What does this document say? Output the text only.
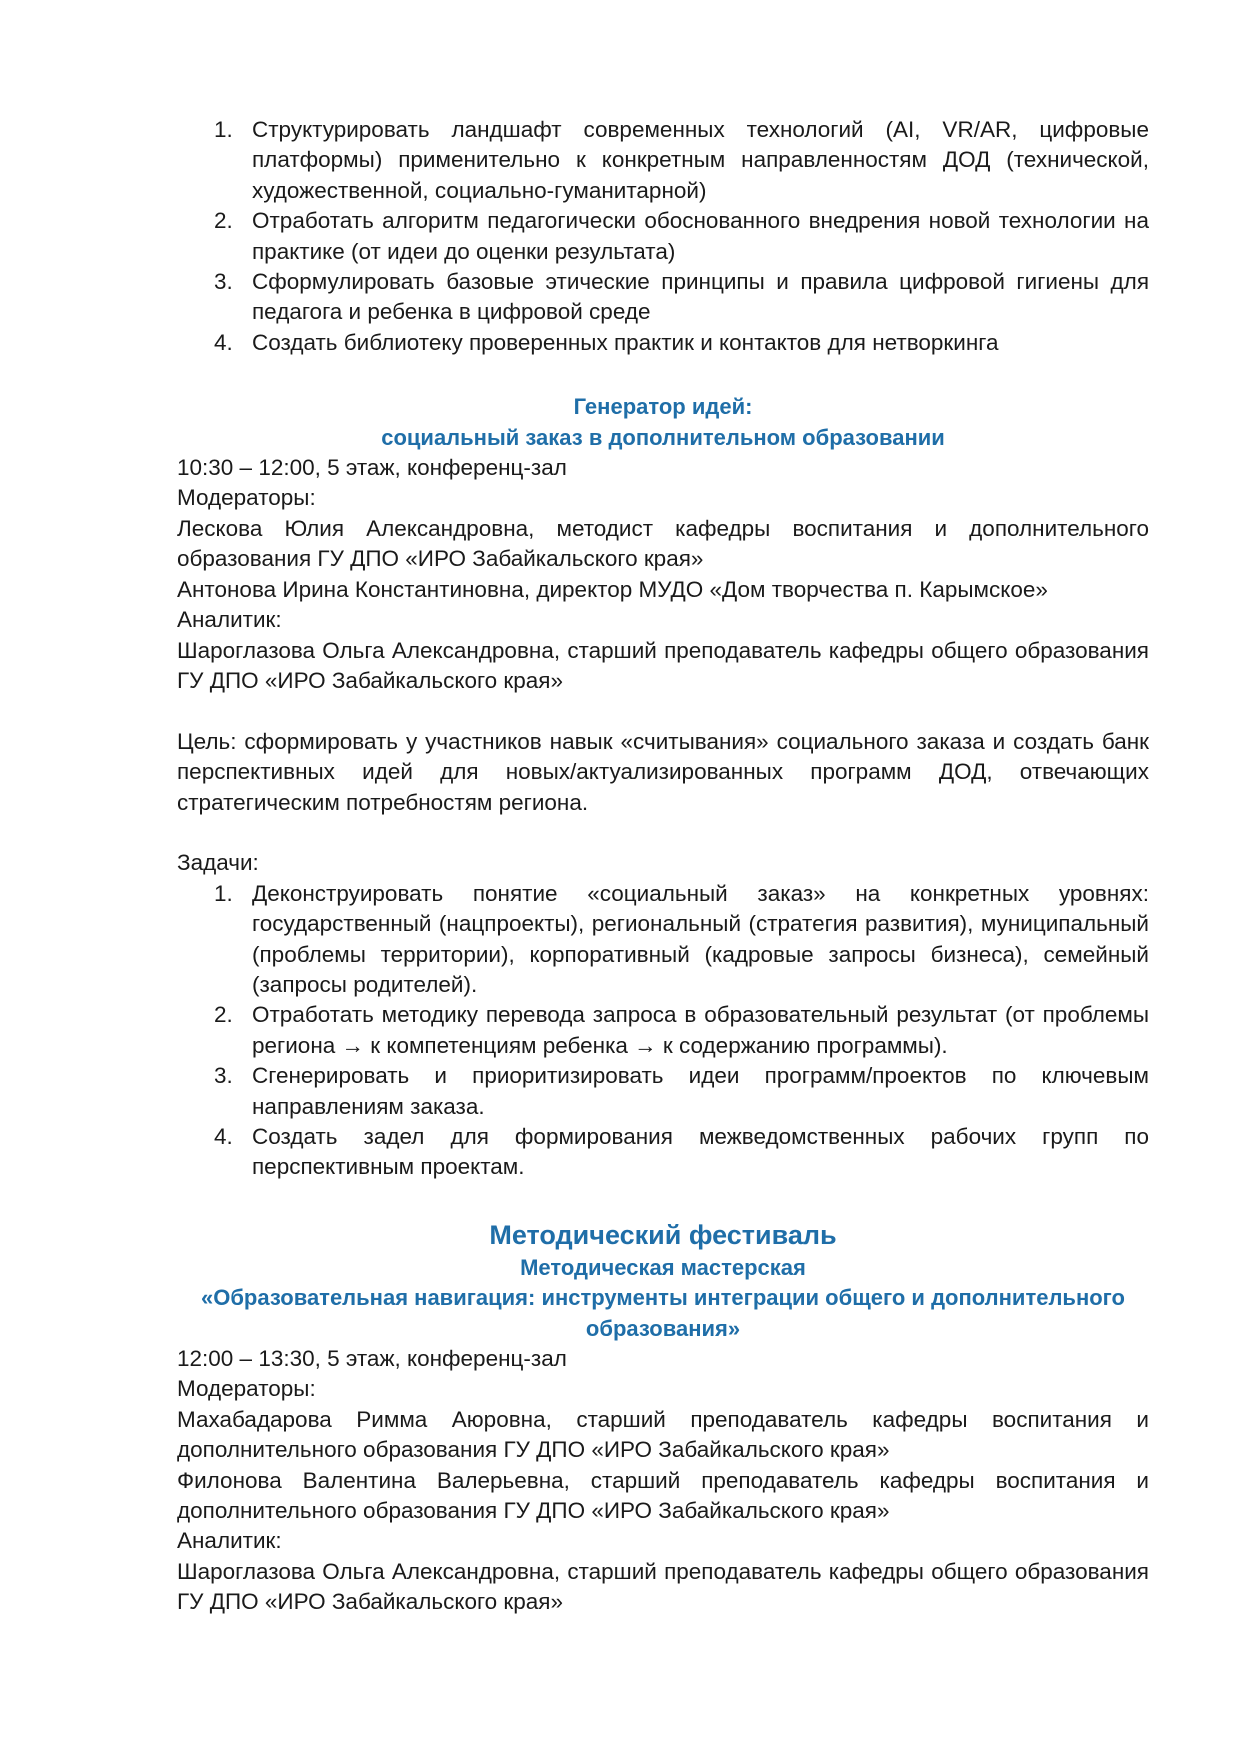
1. Структурировать ландшафт современных технологий (AI, VR/AR, цифровые платформы) применительно к конкретным направленностям ДОД (технической, художественной, социально-гуманитарной)
2. Отработать алгоритм педагогически обоснованного внедрения новой технологии на практике (от идеи до оценки результата)
3. Сформулировать базовые этические принципы и правила цифровой гигиены для педагога и ребенка в цифровой среде
4. Создать библиотеку проверенных практик и контактов для нетворкинга
Генератор идей:
социальный заказ в дополнительном образовании

10:30 – 12:00, 5 этаж, конференц-зал

Модераторы:

Лескова Юлия Александровна, методист кафедры воспитания и дополнительного образования ГУ ДПО «ИРО Забайкальского края»

Антонова Ирина Константиновна, директор МУДО «Дом творчества п. Карымское»

Аналитик:

Шароглазова Ольга Александровна, старший преподаватель кафедры общего образования ГУ ДПО «ИРО Забайкальского края»

Цель: сформировать у участников навык «считывания» социального заказа и создать банк перспективных идей для новых/актуализированных программ ДОД, отвечающих стратегическим потребностям региона.

Задачи:

1. Деконструировать понятие «социальный заказ» на конкретных уровнях: государственный (нацпроекты), региональный (стратегия развития), муниципальный (проблемы территории), корпоративный (кадровые запросы бизнеса), семейный (запросы родителей).
2. Отработать методику перевода запроса в образовательный результат (от проблемы региона → к компетенциям ребенка → к содержанию программы).
3. Сгенерировать и приоритизировать идеи программ/проектов по ключевым направлениям заказа.
4. Создать задел для формирования межведомственных рабочих групп по перспективным проектам.
Методический фестиваль
Методическая мастерская
«Образовательная навигация: инструменты интеграции общего и дополнительного образования»

12:00 – 13:30, 5 этаж, конференц-зал

Модераторы:

Махабадарова Римма Аюровна, старший преподаватель кафедры воспитания и дополнительного образования ГУ ДПО «ИРО Забайкальского края»

Филонова Валентина Валерьевна, старший преподаватель кафедры воспитания и дополнительного образования ГУ ДПО «ИРО Забайкальского края»

Аналитик:

Шароглазова Ольга Александровна, старший преподаватель кафедры общего образования ГУ ДПО «ИРО Забайкальского края»
